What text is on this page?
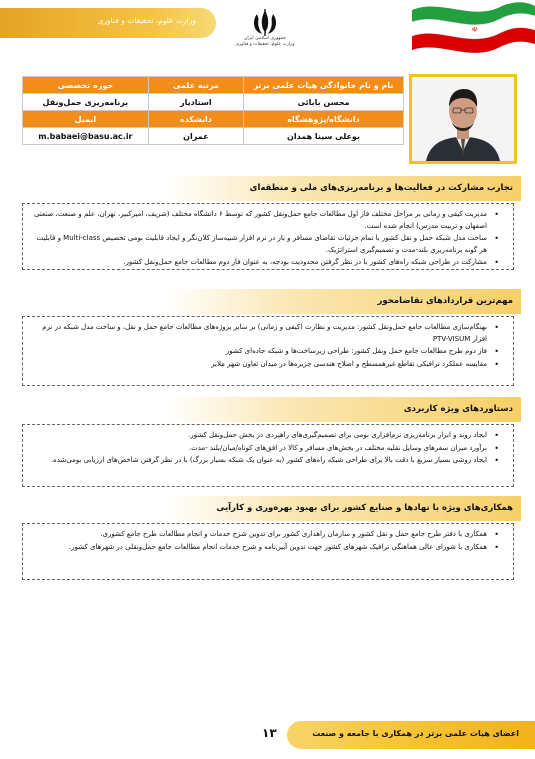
وزارت علوم، تحقیقات و فناوری
جمهوری اسلامی ایران
وزارت علوم، تحقیقات و فناوری
☫
نام و نام خانوادگی هیات علمی برتر	مرتبه علمی	حوزه تخصصی
محسن بابائی	استادیار	برنامه‌ریزی حمل‌ونقل
دانشگاه/پژوهشگاه	دانشکده	ایمیل
بوعلی سینا همدان	عمران	m.babaei@basu.ac.ir
تجارب مشارکت در فعالیت‌ها و برنامه‌ریزی‌های ملی و منطقه‌ای
• مدیریت کیفی و زمانی بر مراحل مختلف فاز اول مطالعات جامع حمل‌ونقل کشور که توسط ۶ دانشگاه مختلف (شریف، امیرکبیر، تهران، علم و صنعت، صنعتی اصفهان و تربیت مدرس) انجام شده است.
• ساخت مدل شبکه حمل و نقل کشور با تمام جزئیات تقاضای مسافر و بار در نرم افزار شبیه‌ساز کلان‌نگر و ایجاد قابلیت بومی تخصیص Multi-class و قابلیت هر گونه برنامه‌ریزی بلند-مدت و تصمیم‌گیری استراتژیک.
• مشارکت در طراحی شبکه راه‌های کشور با در نظر گرفتن محدودیت بودجه، به عنوان فاز دوم مطالعات جامع حمل‌ونقل کشور.
مهم‌ترین قراردادهای تقاضامحور
• بهنگام‌سازی مطالعات جامع حمل‌ونقل کشور: مدیریت و نظارت (کیفی و زمانی) بر سایر پروژه‌های مطالعات جامع حمل و نقل، و ساخت مدل شبکه در نرم افزار PTV-VISUM
• فاز دوم طرح مطالعات جامع حمل ونقل کشور: طراحی زیرساخت‌ها و شبکه جاده‌ای کشور
• مقایسه عملکرد ترافیکی تقاطع غیرهمسطح و اصلاح هندسی جزیره‌ها در میدان تعاون شهر ملایر
دستاوردهای ویژه کاربردی
• ایجاد روند و ابزار برنامه‌ریزی نرم‌افزاری بومی برای تصمیم‌گیری‌های راهبردی در بخش حمل‌ونقل کشور.
• برآورد میزان سفرهای وسایل نقلیه مختلف در بخش‌های مسافر و کالا در افق‌های کوتاه/میان/بلند -مدت.
• ایجاد روشی بسیار سریع با دقت بالا برای طراحی شبکه راه‌های کشور (به عنوان یک شبکه بسیار بزرگ) با در نظر گرفتن شاخص‌های ارزیابی بومی‌شده.
همکاری‌های ویژه با نهادها و صنایع کشور برای بهبود بهره‌وری و کارآیی
• همکاری با دفتر طرح جامع حمل و نقل کشور و سازمان راهداری کشور برای تدوین شرح خدمات و انجام مطالعات طرح جامع کشوری.
• همکاری با شورای عالی هماهنگی ترافیک شهرهای کشور جهت تدوین آیین‌نامه و شرح خدمات انجام مطالعات جامع حمل‌ونقلی در شهرهای کشور.
۱۳	اعضای هیات علمی برتر در همکاری با جامعه و صنعت
